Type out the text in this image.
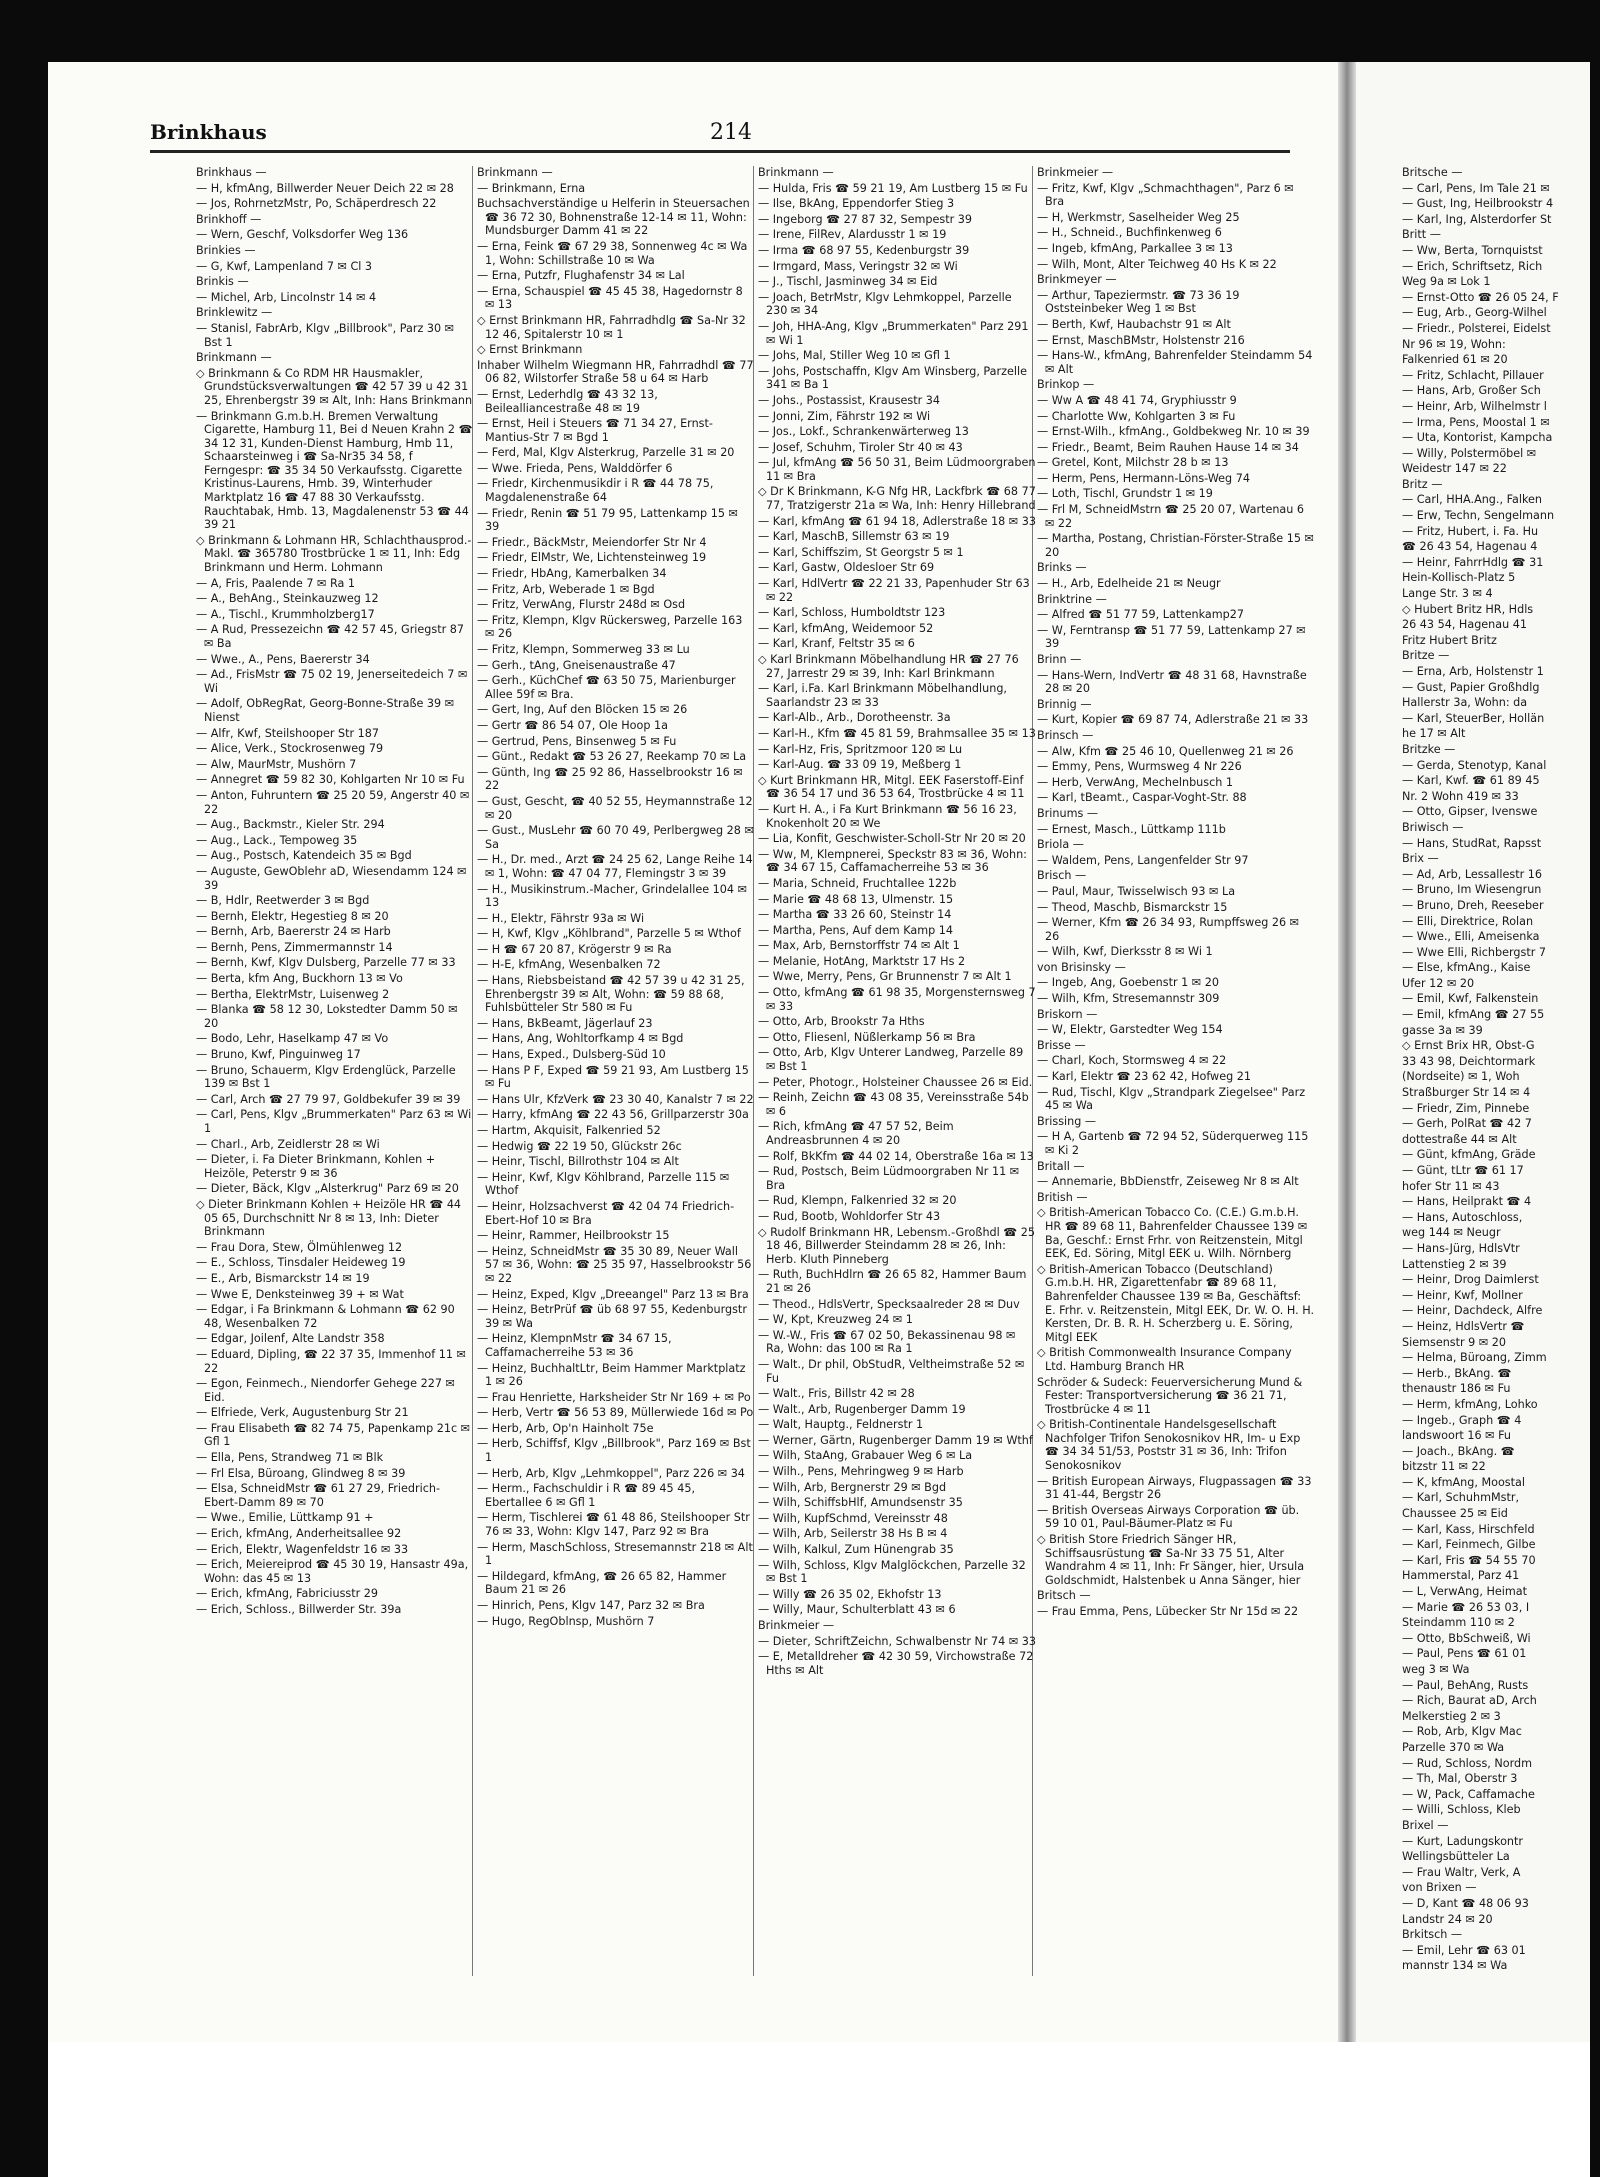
Brinkhaus	214
Brinkhaus —
— H, kfmAng, Billwerder Neuer Deich 22 ✉ 28
— Jos, RohrnetzMstr, Po, Schäperdresch 22
Brinkhoff —
— Wern, Geschf, Volksdorfer Weg 136
Brinkies —
— G, Kwf, Lampenland 7 ✉ Cl 3
Brinkis —
— Michel, Arb, Lincolnstr 14 ✉ 4
Brinklewitz —
— Stanisl, FabrArb, Klgv „Billbrook", Parz 30 ✉ Bst 1
Brinkmann —
◇ Brinkmann & Co RDM HR Hausmakler, Grundstücksverwaltungen ☎ 42 57 39 u 42 31 25, Ehrenbergstr 39 ✉ Alt, Inh: Hans Brinkmann
— Brinkmann G.m.b.H. Bremen Verwaltung Cigarette, Hamburg 11, Bei d Neuen Krahn 2 ☎ 34 12 31, Kunden-Dienst Hamburg, Hmb 11, Schaarsteinweg i ☎ Sa-Nr35 34 58, f Ferngespr: ☎ 35 34 50 Verkaufsstg. Cigarette Kristinus-Laurens, Hmb. 39, Winterhuder Marktplatz 16 ☎ 47 88 30 Verkaufsstg. Rauchtabak, Hmb. 13, Magdalenenstr 53 ☎ 44 39 21
◇ Brinkmann & Lohmann HR, Schlachthausprod.-Makl. ☎ 365780 Trostbrücke 1 ✉ 11, Inh: Edg Brinkmann und Herm. Lohmann
— A, Fris, Paalende 7 ✉ Ra 1
— A., BehAng., Steinkauzweg 12
— A., Tischl., Krummholzberg17
— A Rud, Pressezeichn ☎ 42 57 45, Griegstr 87 ✉ Ba
— Wwe., A., Pens, Baererstr 34
— Ad., FrisMstr ☎ 75 02 19, Jenerseitedeich 7 ✉ Wi
— Adolf, ObRegRat, Georg-Bonne-Straße 39 ✉ Nienst
— Alfr, Kwf, Steilshooper Str 187
— Alice, Verk., Stockrosenweg 79
— Alw, MaurMstr, Mushörn 7
— Annegret ☎ 59 82 30, Kohlgarten Nr 10 ✉ Fu
— Anton, Fuhruntern ☎ 25 20 59, Angerstr 40 ✉ 22
— Aug., Backmstr., Kieler Str. 294
— Aug., Lack., Tempoweg 35
— Aug., Postsch, Katendeich 35 ✉ Bgd
— Auguste, GewOblehr aD, Wiesendamm 124 ✉ 39
— B, Hdlr, Reetwerder 3 ✉ Bgd
— Bernh, Elektr, Hegestieg 8 ✉ 20
— Bernh, Arb, Baererstr 24 ✉ Harb
— Bernh, Pens, Zimmermannstr 14
— Bernh, Kwf, Klgv Dulsberg, Parzelle 77 ✉ 33
— Berta, kfm Ang, Buckhorn 13 ✉ Vo
— Bertha, ElektrMstr, Luisenweg 2
— Blanka ☎ 58 12 30, Lokstedter Damm 50 ✉ 20
— Bodo, Lehr, Haselkamp 47 ✉ Vo
— Bruno, Kwf, Pinguinweg 17
— Bruno, Schauerm, Klgv Erdenglück, Parzelle 139 ✉ Bst 1
— Carl, Arch ☎ 27 79 97, Goldbekufer 39 ✉ 39
— Carl, Pens, Klgv „Brummerkaten" Parz 63 ✉ Wi 1
— Charl., Arb, Zeidlerstr 28 ✉ Wi
— Dieter, i. Fa Dieter Brinkmann, Kohlen + Heizöle, Peterstr 9 ✉ 36
— Dieter, Bäck, Klgv „Alsterkrug" Parz 69 ✉ 20
◇ Dieter Brinkmann Kohlen + Heizöle HR ☎ 44 05 65, Durchschnitt Nr 8 ✉ 13, Inh: Dieter Brinkmann
— Frau Dora, Stew, Ölmühlenweg 12
— E., Schloss, Tinsdaler Heideweg 19
— E., Arb, Bismarckstr 14 ✉ 19
— Wwe E, Denksteinweg 39 + ✉ Wat
— Edgar, i Fa Brinkmann & Lohmann ☎ 62 90 48, Wesenbalken 72
— Edgar, Joilenf, Alte Landstr 358
— Eduard, Dipling, ☎ 22 37 35, Immenhof 11 ✉ 22
— Egon, Feinmech., Niendorfer Gehege 227 ✉ Eid.
— Elfriede, Verk, Augustenburg Str 21
— Frau Elisabeth ☎ 82 74 75, Papenkamp 21c ✉ Gfl 1
— Ella, Pens, Strandweg 71 ✉ Blk
— Frl Elsa, Büroang, Glindweg 8 ✉ 39
— Elsa, SchneidMstr ☎ 61 27 29, Friedrich-Ebert-Damm 89 ✉ 70
— Wwe., Emilie, Lüttkamp 91 +
— Erich, kfmAng, Anderheitsallee 92
— Erich, Elektr, Wagenfeldstr 16 ✉ 33
— Erich, Meiereiprod ☎ 45 30 19, Hansastr 49a, Wohn: das 45 ✉ 13
— Erich, kfmAng, Fabriciusstr 29
— Erich, Schloss., Billwerder Str. 39a
Brinkmann —
— Brinkmann, Erna
Buchsachverständige u Helferin in Steuersachen ☎ 36 72 30, Bohnenstraße 12-14 ✉ 11, Wohn: Mundsburger Damm 41 ✉ 22
— Erna, Feink ☎ 67 29 38, Sonnenweg 4c ✉ Wa 1, Wohn: Schillstraße 10 ✉ Wa
— Erna, Putzfr, Flughafenstr 34 ✉ Lal
— Erna, Schauspiel ☎ 45 45 38, Hagedornstr 8 ✉ 13
◇ Ernst Brinkmann HR, Fahrradhdlg ☎ Sa-Nr 32 12 46, Spitalerstr 10 ✉ 1
◇ Ernst Brinkmann
Inhaber Wilhelm Wiegmann HR, Fahrradhdl ☎ 77 06 82, Wilstorfer Straße 58 u 64 ✉ Harb
— Ernst, Lederhdlg ☎ 43 32 13, Beilealliancestraße 48 ✉ 19
— Ernst, Heil i Steuers ☎ 71 34 27, Ernst-Mantius-Str 7 ✉ Bgd 1
— Ferd, Mal, Klgv Alsterkrug, Parzelle 31 ✉ 20
— Wwe. Frieda, Pens, Walddörfer 6
— Friedr, Kirchenmusikdir i R ☎ 44 78 75, Magdalenenstraße 64
— Friedr, Renin ☎ 51 79 95, Lattenkamp 15 ✉ 39
— Friedr., BäckMstr, Meiendorfer Str Nr 4
— Friedr, ElMstr, We, Lichtensteinweg 19
— Friedr, HbAng, Kamerbalken 34
— Fritz, Arb, Weberade 1 ✉ Bgd
— Fritz, VerwAng, Flurstr 248d ✉ Osd
— Fritz, Klempn, Klgv Rückersweg, Parzelle 163 ✉ 26
— Fritz, Klempn, Sommerweg 33 ✉ Lu
— Gerh., tAng, Gneisenaustraße 47
— Gerh., KüchChef ☎ 63 50 75, Marienburger Allee 59f ✉ Bra.
— Gert, Ing, Auf den Blöcken 15 ✉ 26
— Gertr ☎ 86 54 07, Ole Hoop 1a
— Gertrud, Pens, Binsenweg 5 ✉ Fu
— Günt., Redakt ☎ 53 26 27, Reekamp 70 ✉ La
— Günth, Ing ☎ 25 92 86, Hasselbrookstr 16 ✉ 22
— Gust, Gescht, ☎ 40 52 55, Heymannstraße 12 ✉ 20
— Gust., MusLehr ☎ 60 70 49, Perlbergweg 28 ✉ Sa
— H., Dr. med., Arzt ☎ 24 25 62, Lange Reihe 14 ✉ 1, Wohn: ☎ 47 04 77, Flemingstr 3 ✉ 39
— H., Musikinstrum.-Macher, Grindelallee 104 ✉ 13
— H., Elektr, Fährstr 93a ✉ Wi
— H, Kwf, Klgv „Köhlbrand", Parzelle 5 ✉ Wthof
— H ☎ 67 20 87, Krögerstr 9 ✉ Ra
— H-E, kfmAng, Wesenbalken 72
— Hans, Riebsbeistand ☎ 42 57 39 u 42 31 25, Ehrenbergstr 39 ✉ Alt, Wohn: ☎ 59 88 68, Fuhlsbütteler Str 580 ✉ Fu
— Hans, BkBeamt, Jägerlauf 23
— Hans, Ang, Wohltorfkamp 4 ✉ Bgd
— Hans, Exped., Dulsberg-Süd 10
— Hans P F, Exped ☎ 59 21 93, Am Lustberg 15 ✉ Fu
— Hans Ulr, KfzVerk ☎ 23 30 40, Kanalstr 7 ✉ 22
— Harry, kfmAng ☎ 22 43 56, Grillparzerstr 30a
— Hartm, Akquisit, Falkenried 52
— Hedwig ☎ 22 19 50, Glückstr 26c
— Heinr, Tischl, Billrothstr 104 ✉ Alt
— Heinr, Kwf, Klgv Köhlbrand, Parzelle 115 ✉ Wthof
— Heinr, Holzsachverst ☎ 42 04 74 Friedrich-Ebert-Hof 10 ✉ Bra
— Heinr, Rammer, Heilbrookstr 15
— Heinz, SchneidMstr ☎ 35 30 89, Neuer Wall 57 ✉ 36, Wohn: ☎ 25 35 97, Hasselbrookstr 56 ✉ 22
— Heinz, Exped, Klgv „Dreeangel" Parz 13 ✉ Bra
— Heinz, BetrPrüf ☎ üb 68 97 55, Kedenburgstr 39 ✉ Wa
— Heinz, KlempnMstr ☎ 34 67 15, Caffamacherreihe 53 ✉ 36
— Heinz, BuchhaltLtr, Beim Hammer Marktplatz 1 ✉ 26
— Frau Henriette, Harksheider Str Nr 169 + ✉ Po
— Herb, Vertr ☎ 56 53 89, Müllerwiede 16d ✉ Po
— Herb, Arb, Op'n Hainholt 75e
— Herb, Schiffsf, Klgv „Billbrook", Parz 169 ✉ Bst 1
— Herb, Arb, Klgv „Lehmkoppel", Parz 226 ✉ 34
— Herm., Fachschuldir i R ☎ 89 45 45, Ebertallee 6 ✉ Gfl 1
— Herm, Tischlerei ☎ 61 48 86, Steilshooper Str 76 ✉ 33, Wohn: Klgv 147, Parz 92 ✉ Bra
— Herm, MaschSchloss, Stresemannstr 218 ✉ Alt 1
— Hildegard, kfmAng, ☎ 26 65 82, Hammer Baum 21 ✉ 26
— Hinrich, Pens, Klgv 147, Parz 32 ✉ Bra
— Hugo, RegOblnsp, Mushörn 7
Brinkmann —
— Hulda, Fris ☎ 59 21 19, Am Lustberg 15 ✉ Fu
— Ilse, BkAng, Eppendorfer Stieg 3
— Ingeborg ☎ 27 87 32, Sempestr 39
— Irene, FilRev, Alardusstr 1 ✉ 19
— Irma ☎ 68 97 55, Kedenburgstr 39
— Irmgard, Mass, Veringstr 32 ✉ Wi
— J., Tischl, Jasminweg 34 ✉ Eid
— Joach, BetrMstr, Klgv Lehmkoppel, Parzelle 230 ✉ 34
— Joh, HHA-Ang, Klgv „Brummerkaten" Parz 291 ✉ Wi 1
— Johs, Mal, Stiller Weg 10 ✉ Gfl 1
— Johs, Postschaffn, Klgv Am Winsberg, Parzelle 341 ✉ Ba 1
— Johs., Postassist, Krausestr 34
— Jonni, Zim, Fährstr 192 ✉ Wi
— Jos., Lokf., Schrankenwärterweg 13
— Josef, Schuhm, Tiroler Str 40 ✉ 43
— Jul, kfmAng ☎ 56 50 31, Beim Lüdmoorgraben 11 ✉ Bra
◇ Dr K Brinkmann, K-G Nfg HR, Lackfbrk ☎ 68 77 77, Tratzigerstr 21a ✉ Wa, Inh: Henry Hillebrand
— Karl, kfmAng ☎ 61 94 18, Adlerstraße 18 ✉ 33
— Karl, MaschB, Sillemstr 63 ✉ 19
— Karl, Schiffszim, St Georgstr 5 ✉ 1
— Karl, Gastw, Oldesloer Str 69
— Karl, HdlVertr ☎ 22 21 33, Papenhuder Str 63 ✉ 22
— Karl, Schloss, Humboldtstr 123
— Karl, kfmAng, Weidemoor 52
— Karl, Kranf, Feltstr 35 ✉ 6
◇ Karl Brinkmann Möbelhandlung HR ☎ 27 76 27, Jarrestr 29 ✉ 39, Inh: Karl Brinkmann
— Karl, i.Fa. Karl Brinkmann Möbelhandlung, Saarlandstr 23 ✉ 33
— Karl-Alb., Arb., Dorotheenstr. 3a
— Karl-H., Kfm ☎ 45 81 59, Brahmsallee 35 ✉ 13
— Karl-Hz, Fris, Spritzmoor 120 ✉ Lu
— Karl-Aug. ☎ 33 09 19, Meßberg 1
◇ Kurt Brinkmann HR, Mitgl. EEK Faserstoff-Einf ☎ 36 54 17 und 36 53 64, Trostbrücke 4 ✉ 11
— Kurt H. A., i Fa Kurt Brinkmann ☎ 56 16 23, Knokenholt 20 ✉ We
— Lia, Konfit, Geschwister-Scholl-Str Nr 20 ✉ 20
— Ww, M, Klempnerei, Speckstr 83 ✉ 36, Wohn: ☎ 34 67 15, Caffamacherreihe 53 ✉ 36
— Maria, Schneid, Fruchtallee 122b
— Marie ☎ 48 68 13, Ulmenstr. 15
— Martha ☎ 33 26 60, Steinstr 14
— Martha, Pens, Auf dem Kamp 14
— Max, Arb, Bernstorffstr 74 ✉ Alt 1
— Melanie, HotAng, Marktstr 17 Hs 2
— Wwe, Merry, Pens, Gr Brunnenstr 7 ✉ Alt 1
— Otto, kfmAng ☎ 61 98 35, Morgensternsweg 7 ✉ 33
— Otto, Arb, Brookstr 7a Hths
— Otto, Fliesenl, Nüßlerkamp 56 ✉ Bra
— Otto, Arb, Klgv Unterer Landweg, Parzelle 89 ✉ Bst 1
— Peter, Photogr., Holsteiner Chaussee 26 ✉ Eid.
— Reinh, Zeichn ☎ 43 08 35, Vereinsstraße 54b ✉ 6
— Rich, kfmAng ☎ 47 57 52, Beim Andreasbrunnen 4 ✉ 20
— Rolf, BkKfm ☎ 44 02 14, Oberstraße 16a ✉ 13
— Rud, Postsch, Beim Lüdmoorgraben Nr 11 ✉ Bra
— Rud, Klempn, Falkenried 32 ✉ 20
— Rud, Bootb, Wohldorfer Str 43
◇ Rudolf Brinkmann HR, Lebensm.-Großhdl ☎ 25 18 46, Billwerder Steindamm 28 ✉ 26, Inh: Herb. Kluth Pinneberg
— Ruth, BuchHdlrn ☎ 26 65 82, Hammer Baum 21 ✉ 26
— Theod., HdlsVertr, Specksaalreder 28 ✉ Duv
— W, Kpt, Kreuzweg 24 ✉ 1
— W.-W., Fris ☎ 67 02 50, Bekassinenau 98 ✉ Ra, Wohn: das 100 ✉ Ra 1
— Walt., Dr phil, ObStudR, Veltheimstraße 52 ✉ Fu
— Walt., Fris, Billstr 42 ✉ 28
— Walt., Arb, Rugenberger Damm 19
— Walt, Hauptg., Feldnerstr 1
— Werner, Gärtn, Rugenberger Damm 19 ✉ Wthf
— Wilh, StaAng, Grabauer Weg 6 ✉ La
— Wilh., Pens, Mehringweg 9 ✉ Harb
— Wilh, Arb, Bergnerstr 29 ✉ Bgd
— Wilh, SchiffsbHlf, Amundsenstr 35
— Wilh, KupfSchmd, Vereinsstr 48
— Wilh, Arb, Seilerstr 38 Hs B ✉ 4
— Wilh, Kalkul, Zum Hünengrab 35
— Wilh, Schloss, Klgv Malglöckchen, Parzelle 32 ✉ Bst 1
— Willy ☎ 26 35 02, Ekhofstr 13
— Willy, Maur, Schulterblatt 43 ✉ 6
Brinkmeier —
— Dieter, SchriftZeichn, Schwalbenstr Nr 74 ✉ 33
— E, Metalldreher ☎ 42 30 59, Virchowstraße 72 Hths ✉ Alt
Brinkmeier —
— Fritz, Kwf, Klgv „Schmachthagen", Parz 6 ✉ Bra
— H, Werkmstr, Saselheider Weg 25
— H., Schneid., Buchfinkenweg 6
— Ingeb, kfmAng, Parkallee 3 ✉ 13
— Wilh, Mont, Alter Teichweg 40 Hs K ✉ 22
Brinkmeyer —
— Arthur, Tapeziermstr. ☎ 73 36 19 Oststeinbeker Weg 1 ✉ Bst
— Berth, Kwf, Haubachstr 91 ✉ Alt
— Ernst, MaschBMstr, Holstenstr 216
— Hans-W., kfmAng, Bahrenfelder Steindamm 54 ✉ Alt
Brinkop —
— Ww A ☎ 48 41 74, Gryphiusstr 9
— Charlotte Ww, Kohlgarten 3 ✉ Fu
— Ernst-Wilh., kfmAng., Goldbekweg Nr. 10 ✉ 39
— Friedr., Beamt, Beim Rauhen Hause 14 ✉ 34
— Gretel, Kont, Milchstr 28 b ✉ 13
— Herm, Pens, Hermann-Löns-Weg 74
— Loth, Tischl, Grundstr 1 ✉ 19
— Frl M, SchneidMstrn ☎ 25 20 07, Wartenau 6 ✉ 22
— Martha, Postang, Christian-Förster-Straße 15 ✉ 20
Brinks —
— H., Arb, Edelheide 21 ✉ Neugr
Brinktrine —
— Alfred ☎ 51 77 59, Lattenkamp27
— W, Ferntransp ☎ 51 77 59, Lattenkamp 27 ✉ 39
Brinn —
— Hans-Wern, IndVertr ☎ 48 31 68, Havnstraße 28 ✉ 20
Brinnig —
— Kurt, Kopier ☎ 69 87 74, Adlerstraße 21 ✉ 33
Brinsch —
— Alw, Kfm ☎ 25 46 10, Quellenweg 21 ✉ 26
— Emmy, Pens, Wurmsweg 4 Nr 226
— Herb, VerwAng, Mechelnbusch 1
— Karl, tBeamt., Caspar-Voght-Str. 88
Brinums —
— Ernest, Masch., Lüttkamp 111b
Briola —
— Waldem, Pens, Langenfelder Str 97
Brisch —
— Paul, Maur, Twisselwisch 93 ✉ La
— Theod, Maschb, Bismarckstr 15
— Werner, Kfm ☎ 26 34 93, Rumpffsweg 26 ✉ 26
— Wilh, Kwf, Dierksstr 8 ✉ Wi 1
von Brisinsky —
— Ingeb, Ang, Goebenstr 1 ✉ 20
— Wilh, Kfm, Stresemannstr 309
Briskorn —
— W, Elektr, Garstedter Weg 154
Brisse —
— Charl, Koch, Stormsweg 4 ✉ 22
— Karl, Elektr ☎ 23 62 42, Hofweg 21
— Rud, Tischl, Klgv „Strandpark Ziegelsee" Parz 45 ✉ Wa
Brissing —
— H A, Gartenb ☎ 72 94 52, Süderquerweg 115 ✉ Ki 2
Britall —
— Annemarie, BbDienstfr, Zeiseweg Nr 8 ✉ Alt
British —
◇ British-American Tobacco Co. (C.E.) G.m.b.H. HR ☎ 89 68 11, Bahrenfelder Chaussee 139 ✉ Ba, Geschf.: Ernst Frhr. von Reitzenstein, Mitgl EEK, Ed. Söring, Mitgl EEK u. Wilh. Nörnberg
◇ British-American Tobacco (Deutschland) G.m.b.H. HR, Zigarettenfabr ☎ 89 68 11, Bahrenfelder Chaussee 139 ✉ Ba, Geschäftsf: E. Frhr. v. Reitzenstein, Mitgl EEK, Dr. W. O. H. H. Kersten, Dr. B. R. H. Scherzberg u. E. Söring, Mitgl EEK
◇ British Commonwealth Insurance Company Ltd. Hamburg Branch HR
Schröder & Sudeck: Feuerversicherung Mund & Fester: Transportversicherung ☎ 36 21 71, Trostbrücke 4 ✉ 11
◇ British-Continentale Handelsgesellschaft Nachfolger Trifon Senokosnikov HR, Im- u Exp ☎ 34 34 51/53, Poststr 31 ✉ 36, Inh: Trifon Senokosnikov
— British European Airways, Flugpassagen ☎ 33 31 41-44, Bergstr 26
— British Overseas Airways Corporation ☎ üb. 59 10 01, Paul-Bäumer-Platz ✉ Fu
◇ British Store Friedrich Sänger HR, Schiffsausrüstung ☎ Sa-Nr 33 75 51, Alter Wandrahm 4 ✉ 11, Inh: Fr Sänger, hier, Ursula Goldschmidt, Halstenbek u Anna Sänger, hier
Britsch —
— Frau Emma, Pens, Lübecker Str Nr 15d ✉ 22
Britsche —
— Carl, Pens, Im Tale 21 ✉
— Gust, Ing, Heilbrookstr 4
— Karl, Ing, Alsterdorfer St
Britt —
— Ww, Berta, Tornquistst
— Erich, Schriftsetz, Rich
Weg 9a ✉ Lok 1
— Ernst-Otto ☎ 26 05 24, F
— Eug, Arb., Georg-Wilhel
— Friedr., Polsterei, Eidelst
Nr 96 ✉ 19, Wohn:
Falkenried 61 ✉ 20
— Fritz, Schlacht, Pillauer
— Hans, Arb, Großer Sch
— Heinr, Arb, Wilhelmstr l
— Irma, Pens, Moostal 1 ✉
— Uta, Kontorist, Kampcha
— Willy, Polstermöbel ✉
Weidestr 147 ✉ 22
Britz —
— Carl, HHA.Ang., Falken
— Erw, Techn, Sengelmann
— Fritz, Hubert, i. Fa. Hu
☎ 26 43 54, Hagenau 4
— Heinr, FahrrHdlg ☎ 31
Hein-Kollisch-Platz 5
Lange Str. 3 ✉ 4
◇ Hubert Britz HR, Hdls
26 43 54, Hagenau 41
Fritz Hubert Britz
Britze —
— Erna, Arb, Holstenstr 1
— Gust, Papier Großhdlg
Hallerstr 3a, Wohn: da
— Karl, SteuerBer, Hollän
he 17 ✉ Alt
Britzke —
— Gerda, Stenotyp, Kanal
— Karl, Kwf. ☎ 61 89 45
Nr. 2 Wohn 419 ✉ 33
— Otto, Gipser, Ivenswe
Briwisch —
— Hans, StudRat, Rapsst
Brix —
— Ad, Arb, Lessallestr 16
— Bruno, Im Wiesengrun
— Bruno, Dreh, Reeseber
— Elli, Direktrice, Rolan
— Wwe., Elli, Ameisenka
— Wwe Elli, Richbergstr 7
— Else, kfmAng., Kaise
Ufer 12 ✉ 20
— Emil, Kwf, Falkenstein
— Emil, kfmAng ☎ 27 55
gasse 3a ✉ 39
◇ Ernst Brix HR, Obst-G
33 43 98, Deichtormark
(Nordseite) ✉ 1, Woh
Straßburger Str 14 ✉ 4
— Friedr, Zim, Pinnebe
— Gerh, PolRat ☎ 42 7
dottestraße 44 ✉ Alt
— Günt, kfmAng, Gräde
— Günt, tLtr ☎ 61 17
hofer Str 11 ✉ 43
— Hans, Heilprakt ☎ 4
— Hans, Autoschloss,
weg 144 ✉ Neugr
— Hans-Jürg, HdlsVtr
Lattenstieg 2 ✉ 39
— Heinr, Drog Daimlerst
— Heinr, Kwf, Mollner
— Heinr, Dachdeck, Alfre
— Heinz, HdlsVertr ☎
Siemsenstr 9 ✉ 20
— Helma, Büroang, Zimm
— Herb., BkAng. ☎
thenaustr 186 ✉ Fu
— Herm, kfmAng, Lohko
— Ingeb., Graph ☎ 4
landswoort 16 ✉ Fu
— Joach., BkAng. ☎
bitzstr 11 ✉ 22
— K, kfmAng, Moostal
— Karl, SchuhmMstr,
Chaussee 25 ✉ Eid
— Karl, Kass, Hirschfeld
— Karl, Feinmech, Gilbe
— Karl, Fris ☎ 54 55 70
Hammerstal, Parz 41
— L, VerwAng, Heimat
— Marie ☎ 26 53 03, I
Steindamm 110 ✉ 2
— Otto, BbSchweiß, Wi
— Paul, Pens ☎ 61 01
weg 3 ✉ Wa
— Paul, BehAng, Rusts
— Rich, Baurat aD, Arch
Melkerstieg 2 ✉ 3
— Rob, Arb, Klgv Mac
Parzelle 370 ✉ Wa
— Rud, Schloss, Nordm
— Th, Mal, Oberstr 3
— W, Pack, Caffamache
— Willi, Schloss, Kleb
Brixel —
— Kurt, Ladungskontr
Wellingsbütteler La
— Frau Waltr, Verk, A
von Brixen —
— D, Kant ☎ 48 06 93
Landstr 24 ✉ 20
Brkitsch —
— Emil, Lehr ☎ 63 01
mannstr 134 ✉ Wa
